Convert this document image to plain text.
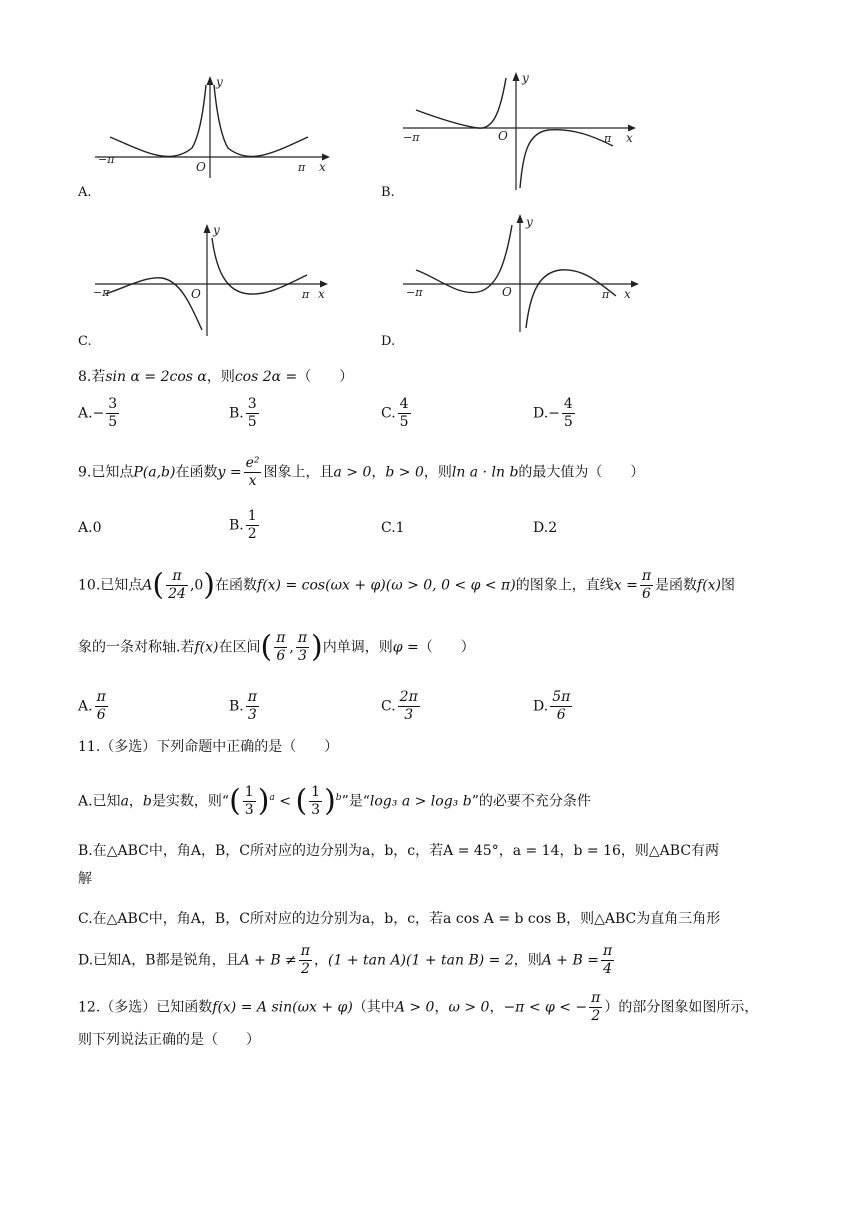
−π
π
O	x
y
A.
−π	π
O	x
y
B.
−π	π
O	x
y
C.
−π	π
O	x
y
D.
8.若sin α = 2cos α，则cos 2α =（　　）
$A.- \frac{3}{5}$	B. $\frac{3}{5}$	C. $\frac{4}{5}$	$D.- \frac{4}{5}$
9.已知点P(a,b)在函数$y = \frac{\text{e²}}{x}$ 图象上，且a > 0，b > 0，则ln a · ln b的最大值为（　　）
A.0	B. $\frac{1}{2}$	C.1	D.2
10.已知点$A( \frac{\pi}{24} ,0)$在函数f(x) = cos(ωx + φ)(ω > 0, 0 < φ < π)的图象上，直线$x = \frac{\pi}{6}$ 是函数f(x)图
象的一条对称轴.若f(x)在区间( $\frac{\pi}{6}$ , $\frac{\pi}{3}$ )内单调，则φ =（　　）
A. $\frac{\pi}{6}$	B. $\frac{\pi}{3}$	C. $\frac{2\pi}{3}$	D. $\frac{5\pi}{6}$
11.（多选）下列命题中正确的是（　　）
A.已知a，b是实数，则“( $\frac{1}{3} )^a$ < ( $\frac{1}{3} )^b$”是“log₃ a > log₃ b”的必要不充分条件
B.在△ABC中，角A，B，C所对应的边分别为a，b，c，若A = 45°，a = 14，b = 16，则△ABC有两
解
C.在△ABC中，角A，B，C所对应的边分别为a，b，c，若a cos A = b cos B，则△ABC为直角三角形
D.已知A，B都是锐角，且$A + B \ne \frac{\pi}{2}$ ，(1 + tan A)(1 + tan B) = 2，则$A + B = \frac{\pi}{4}$
12.（多选）已知函数f(x) = A sin(ωx + φ)（其中A > 0，ω > 0，−π < φ < − $\frac{\pi}{2}$ ）的部分图象如图所示，
则下列说法正确的是（　　）
